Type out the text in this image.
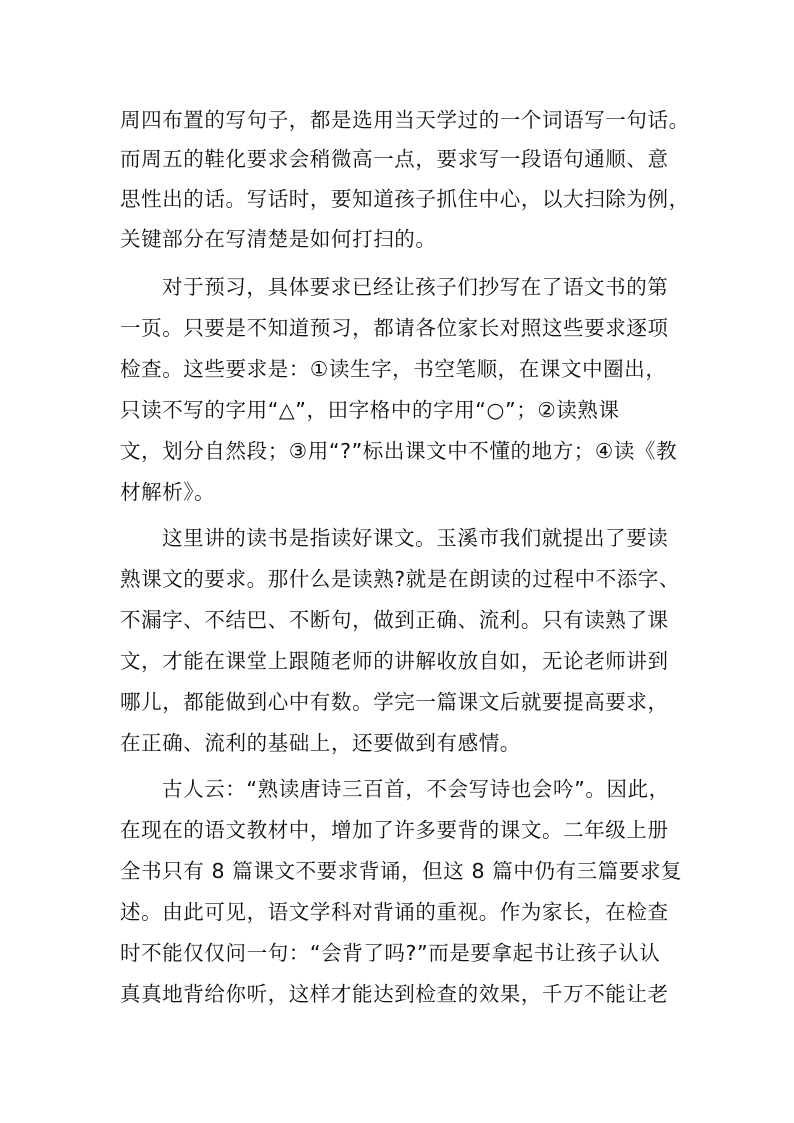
周四布置的写句子，都是选用当天学过的一个词语写一句话。
而周五的鞋化要求会稍微高一点，要求写一段语句通顺、意
思性出的话。写话时，要知道孩子抓住中心，以大扫除为例，
关键部分在写清楚是如何打扫的。
对于预习，具体要求已经让孩子们抄写在了语文书的第
一页。只要是不知道预习，都请各位家长对照这些要求逐项
检查。这些要求是：①读生字，书空笔顺，在课文中圈出，
只读不写的字用“△”，田字格中的字用“○”；②读熟课
文，划分自然段；③用“?”标出课文中不懂的地方；④读《教
材解析》。
这里讲的读书是指读好课文。玉溪市我们就提出了要读
熟课文的要求。那什么是读熟?就是在朗读的过程中不添字、
不漏字、不结巴、不断句，做到正确、流利。只有读熟了课
文，才能在课堂上跟随老师的讲解收放自如，无论老师讲到
哪儿，都能做到心中有数。学完一篇课文后就要提高要求，
在正确、流利的基础上，还要做到有感情。
古人云：“熟读唐诗三百首，不会写诗也会吟”。因此，
在现在的语文教材中，增加了许多要背的课文。二年级上册
全书只有 8 篇课文不要求背诵，但这 8 篇中仍有三篇要求复
述。由此可见，语文学科对背诵的重视。作为家长，在检查
时不能仅仅问一句：“会背了吗?”而是要拿起书让孩子认认
真真地背给你听，这样才能达到检查的效果，千万不能让老
